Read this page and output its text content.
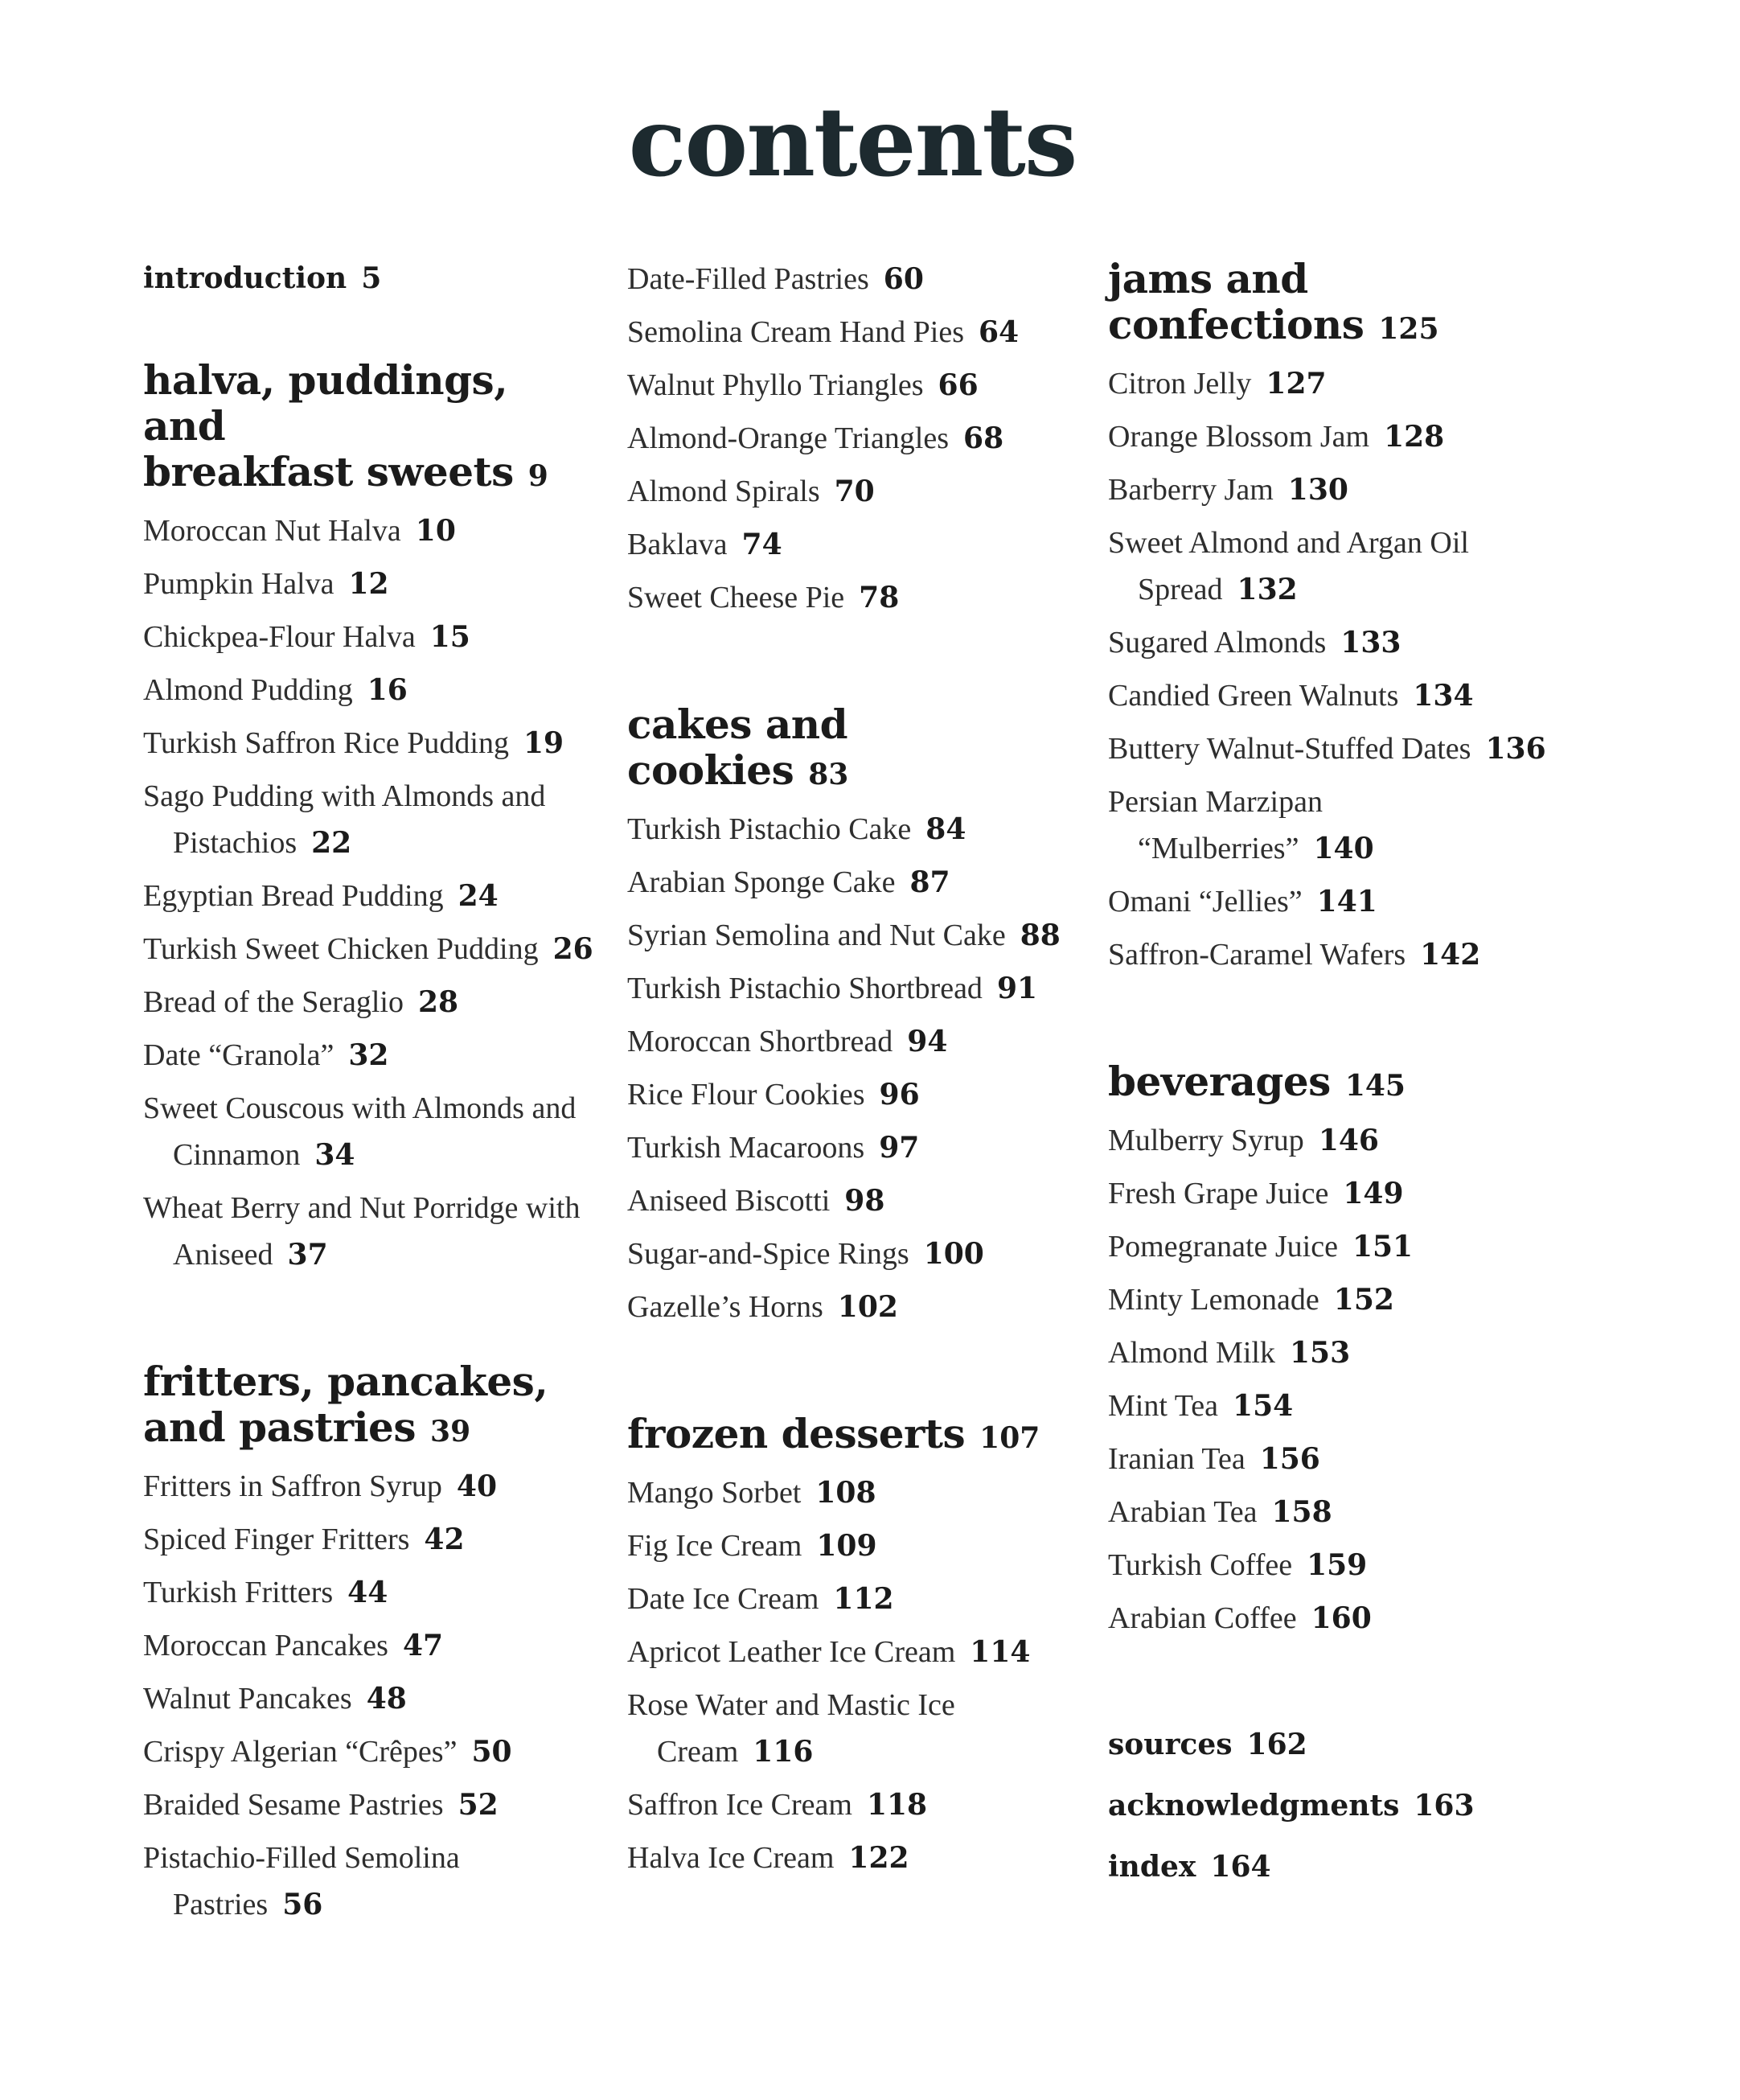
contents
introduction 5
halva, puddings, and
breakfast sweets 9
Moroccan Nut Halva 10
Pumpkin Halva 12
Chickpea-Flour Halva 15
Almond Pudding 16
Turkish Saffron Rice Pudding 19
Sago Pudding with Almonds and Pistachios 22
Egyptian Bread Pudding 24
Turkish Sweet Chicken Pudding 26
Bread of the Seraglio 28
Date “Granola” 32
Sweet Couscous with Almonds and Cinnamon 34
Wheat Berry and Nut Porridge with Aniseed 37
fritters, pancakes,
and pastries 39
Fritters in Saffron Syrup 40
Spiced Finger Fritters 42
Turkish Fritters 44
Moroccan Pancakes 47
Walnut Pancakes 48
Crispy Algerian “Crêpes” 50
Braided Sesame Pastries 52
Pistachio-Filled Semolina Pastries 56
Date-Filled Pastries 60
Semolina Cream Hand Pies 64
Walnut Phyllo Triangles 66
Almond-Orange Triangles 68
Almond Spirals 70
Baklava 74
Sweet Cheese Pie 78
cakes and
cookies 83
Turkish Pistachio Cake 84
Arabian Sponge Cake 87
Syrian Semolina and Nut Cake 88
Turkish Pistachio Shortbread 91
Moroccan Shortbread 94
Rice Flour Cookies 96
Turkish Macaroons 97
Aniseed Biscotti 98
Sugar-and-Spice Rings 100
Gazelle’s Horns 102
frozen desserts 107
Mango Sorbet 108
Fig Ice Cream 109
Date Ice Cream 112
Apricot Leather Ice Cream 114
Rose Water and Mastic Ice Cream 116
Saffron Ice Cream 118
Halva Ice Cream 122
jams and
confections 125
Citron Jelly 127
Orange Blossom Jam 128
Barberry Jam 130
Sweet Almond and Argan Oil Spread 132
Sugared Almonds 133
Candied Green Walnuts 134
Buttery Walnut-Stuffed Dates 136
Persian Marzipan “Mulberries” 140
Omani “Jellies” 141
Saffron-Caramel Wafers 142
beverages 145
Mulberry Syrup 146
Fresh Grape Juice 149
Pomegranate Juice 151
Minty Lemonade 152
Almond Milk 153
Mint Tea 154
Iranian Tea 156
Arabian Tea 158
Turkish Coffee 159
Arabian Coffee 160
sources 162
acknowledgments 163
index 164
